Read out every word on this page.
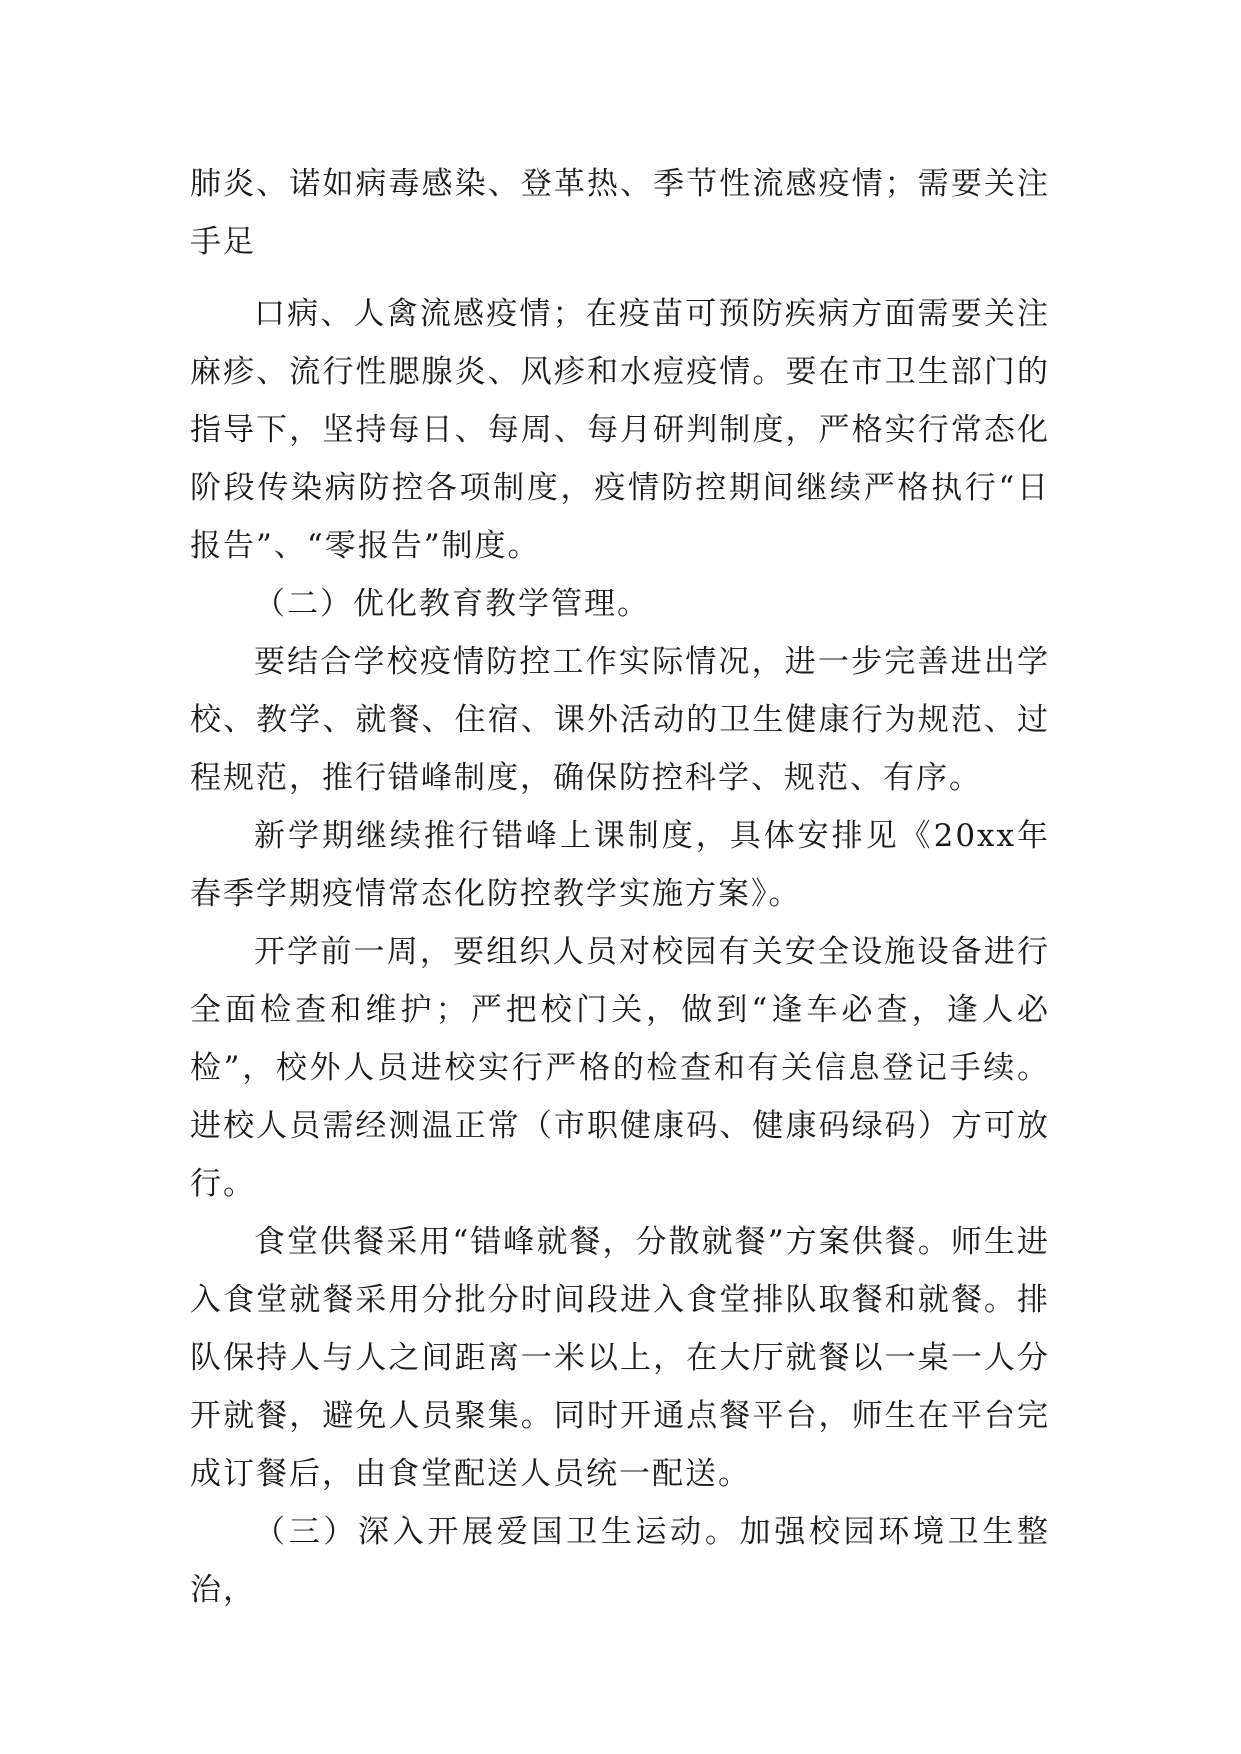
肺炎、诺如病毒感染、登革热、季节性流感疫情；需要关注手足

口病、人禽流感疫情；在疫苗可预防疾病方面需要关注麻疹、流行性腮腺炎、风疹和水痘疫情。要在市卫生部门的指导下，坚持每日、每周、每月研判制度，严格实行常态化阶段传染病防控各项制度，疫情防控期间继续严格执行“日报告”、“零报告”制度。

（二）优化教育教学管理。

要结合学校疫情防控工作实际情况，进一步完善进出学校、教学、就餐、住宿、课外活动的卫生健康行为规范、过程规范，推行错峰制度，确保防控科学、规范、有序。

新学期继续推行错峰上课制度，具体安排见《20xx年春季学期疫情常态化防控教学实施方案》。

开学前一周，要组织人员对校园有关安全设施设备进行全面检查和维护；严把校门关，做到“逢车必查，逢人必检”，校外人员进校实行严格的检查和有关信息登记手续。进校人员需经测温正常（市职健康码、健康码绿码）方可放行。

食堂供餐采用“错峰就餐，分散就餐”方案供餐。师生进入食堂就餐采用分批分时间段进入食堂排队取餐和就餐。排队保持人与人之间距离一米以上，在大厅就餐以一桌一人分开就餐，避免人员聚集。同时开通点餐平台，师生在平台完成订餐后，由食堂配送人员统一配送。

（三）深入开展爱国卫生运动。加强校园环境卫生整治，
